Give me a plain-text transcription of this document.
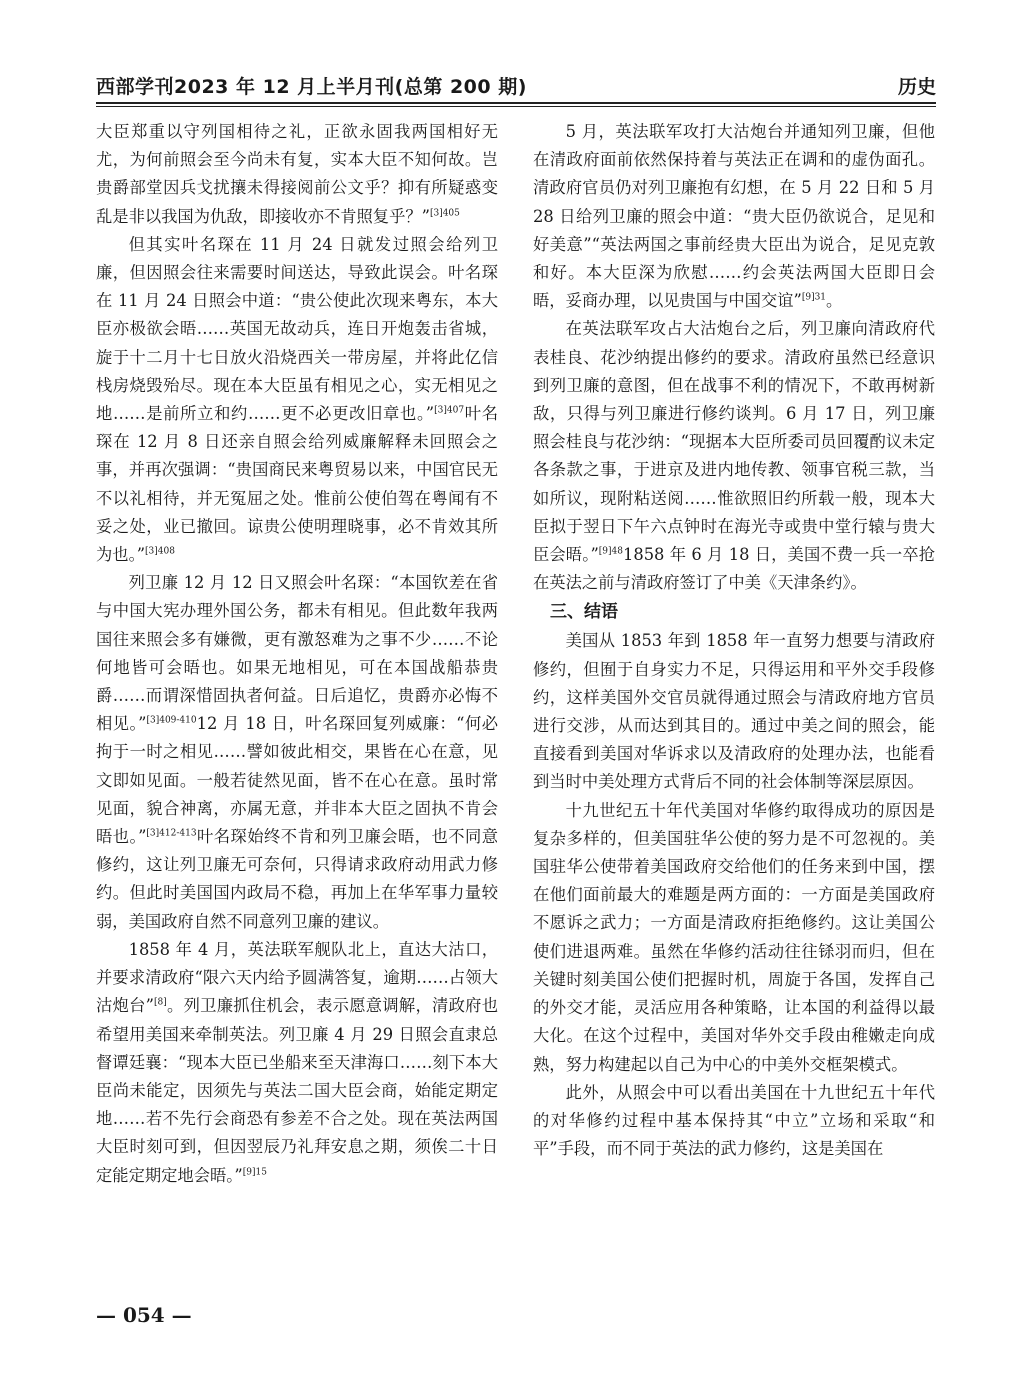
西部学刊2023 年 12 月上半月刊(总第 200 期)	历史

大臣郑重以守列国相待之礼，正欲永固我两国相好无尤，为何前照会至今尚未有复，实本大臣不知何故。岂贵爵部堂因兵戈扰攘未得接阅前公文乎？抑有所疑惑变乱是非以我国为仇敌，即接收亦不肯照复乎？”$^{[3]405}$

但其实叶名琛在 11 月 24 日就发过照会给列卫廉，但因照会往来需要时间送达，导致此误会。叶名琛在 11 月 24 日照会中道：“贵公使此次现来粤东，本大臣亦极欲会晤……英国无故动兵，连日开炮轰击省城，旋于十二月十七日放火沿烧西关一带房屋，并将此亿信栈房烧毁殆尽。现在本大臣虽有相见之心，实无相见之地……是前所立和约……更不必更改旧章也。”$^{[3]407}$叶名琛在 12 月 8 日还亲自照会给列威廉解释未回照会之事，并再次强调：“贵国商民来粤贸易以来，中国官民无不以礼相待，并无冤屈之处。惟前公使伯驾在粤闻有不妥之处，业已撤回。谅贵公使明理晓事，必不肯效其所为也。”$^{[3]408}$

列卫廉 12 月 12 日又照会叶名琛：“本国钦差在省与中国大宪办理外国公务，都未有相见。但此数年我两国往来照会多有嫌微，更有激怒难为之事不少……不论何地皆可会晤也。如果无地相见，可在本国战船恭贵爵……而谓深惜固执者何益。日后追忆，贵爵亦必悔不相见。”$^{[3]409-410}$12 月 18 日，叶名琛回复列威廉：“何必拘于一时之相见……譬如彼此相交，果皆在心在意，见文即如见面。一般若徒然见面，皆不在心在意。虽时常见面，貌合神离，亦属无意，并非本大臣之固执不肯会晤也。”$^{[3]412-413}$叶名琛始终不肯和列卫廉会晤，也不同意修约，这让列卫廉无可奈何，只得请求政府动用武力修约。但此时美国国内政局不稳，再加上在华军事力量较弱，美国政府自然不同意列卫廉的建议。

1858 年 4 月，英法联军舰队北上，直达大沽口，并要求清政府“限六天内给予圆满答复，逾期……占领大沽炮台”[8]。列卫廉抓住机会，表示愿意调解，清政府也希望用美国来牵制英法。列卫廉 4 月 29 日照会直隶总督谭廷襄：“现本大臣已坐船来至天津海口……刻下本大臣尚未能定，因须先与英法二国大臣会商，始能定期定地……若不先行会商恐有参差不合之处。现在英法两国大臣时刻可到，但因翌辰乃礼拜安息之期，须俟二十日定能定期定地会晤。”$^{[9]15}$

5 月，英法联军攻打大沽炮台并通知列卫廉，但他在清政府面前依然保持着与英法正在调和的虚伪面孔。清政府官员仍对列卫廉抱有幻想，在 5 月 22 日和 5 月 28 日给列卫廉的照会中道：“贵大臣仍欲说合，足见和好美意”“英法两国之事前经贵大臣出为说合，足见克敦和好。本大臣深为欣慰……约会英法两国大臣即日会晤，妥商办理，以见贵国与中国交谊”$^{[9]31}$。

在英法联军攻占大沽炮台之后，列卫廉向清政府代表桂良、花沙纳提出修约的要求。清政府虽然已经意识到列卫廉的意图，但在战事不利的情况下，不敢再树新敌，只得与列卫廉进行修约谈判。6 月 17 日，列卫廉照会桂良与花沙纳：“现据本大臣所委司员回覆酌议未定各条款之事，于进京及进内地传教、领事官税三款，当如所议，现附粘送阅……惟欲照旧约所载一般，现本大臣拟于翌日下午六点钟时在海光寺或贵中堂行辕与贵大臣会晤。”$^{[9]48}$1858 年 6 月 18 日，美国不费一兵一卒抢在英法之前与清政府签订了中美《天津条约》。

三、结语

美国从 1853 年到 1858 年一直努力想要与清政府修约，但囿于自身实力不足，只得运用和平外交手段修约，这样美国外交官员就得通过照会与清政府地方官员进行交涉，从而达到其目的。通过中美之间的照会，能直接看到美国对华诉求以及清政府的处理办法，也能看到当时中美处理方式背后不同的社会体制等深层原因。

十九世纪五十年代美国对华修约取得成功的原因是复杂多样的，但美国驻华公使的努力是不可忽视的。美国驻华公使带着美国政府交给他们的任务来到中国，摆在他们面前最大的难题是两方面的：一方面是美国政府不愿诉之武力；一方面是清政府拒绝修约。这让美国公使们进退两难。虽然在华修约活动往往铩羽而归，但在关键时刻美国公使们把握时机，周旋于各国，发挥自己的外交才能，灵活应用各种策略，让本国的利益得以最大化。在这个过程中，美国对华外交手段由稚嫩走向成熟，努力构建起以自己为中心的中美外交框架模式。

此外，从照会中可以看出美国在十九世纪五十年代的对华修约过程中基本保持其“中立”立场和采取“和平”手段，而不同于英法的武力修约，这是美国在

— 054 —
